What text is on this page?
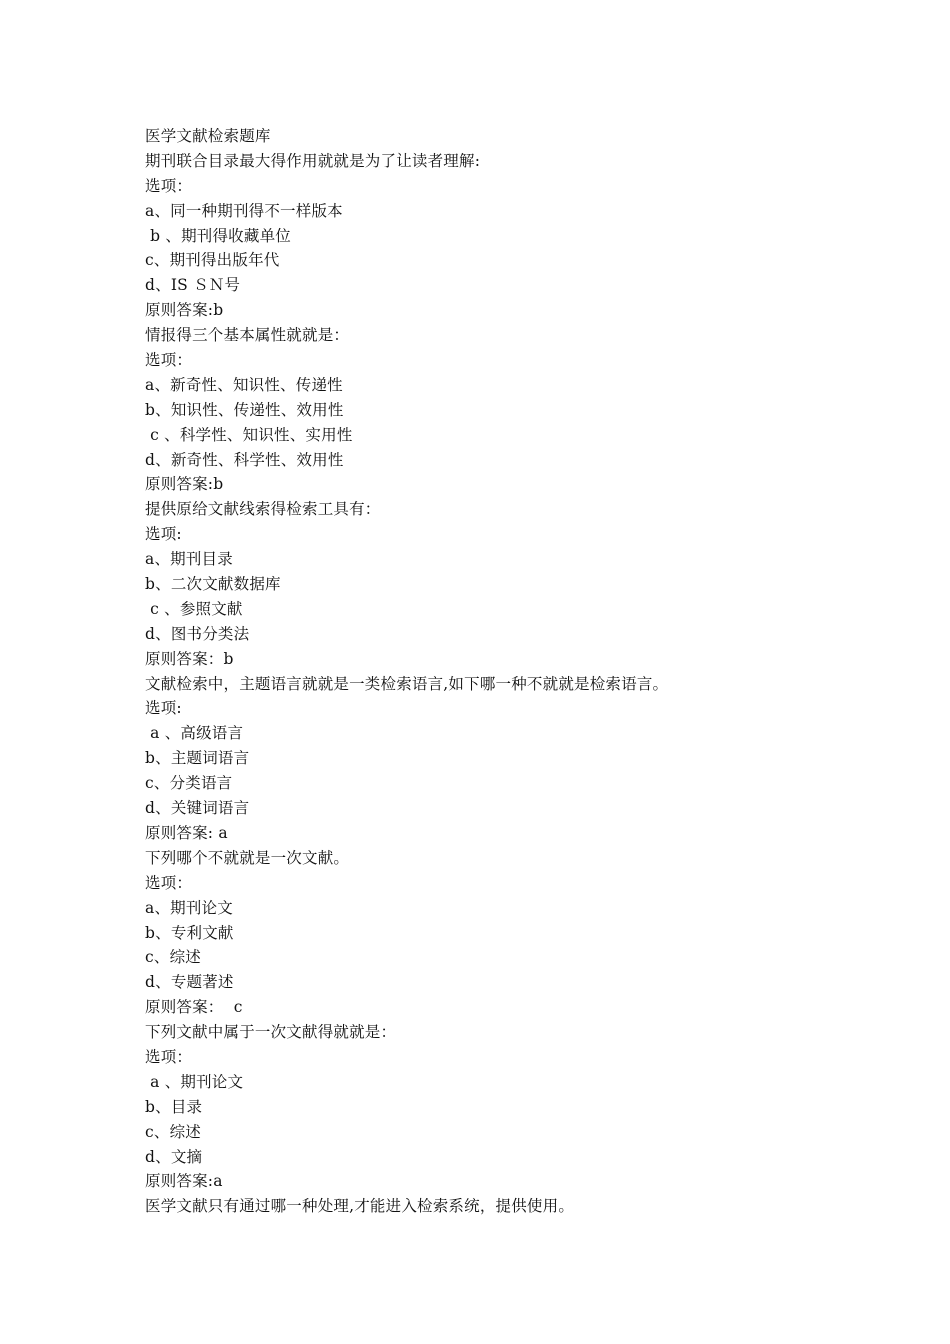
医学文献检索题库
期刊联合目录最大得作用就就是为了让读者理解:
选项：
a、同一种期刊得不一样版本
b 、期刊得收藏单位
c、期刊得出版年代
d、IS ＳＮ号
原则答案:b
情报得三个基本属性就就是：
选项：
a、新奇性、知识性、传递性
b、知识性、传递性、效用性
c 、科学性、知识性、实用性
d、新奇性、科学性、效用性
原则答案:b
提供原给文献线索得检索工具有：
选项:
a、期刊目录
b、二次文献数据库
c 、参照文献
d、图书分类法
原则答案：b
文献检索中，主题语言就就是一类检索语言,如下哪一种不就就是检索语言。
选项:
a 、高级语言
b、主题词语言
c、分类语言
d、关键词语言
原则答案: a
下列哪个不就就是一次文献。
选项：
a、期刊论文
b、专利文献
c、综述
d、专题著述
原则答案：  c
下列文献中属于一次文献得就就是：
选项：
a 、期刊论文
b、目录
c、综述
d、文摘
原则答案:a
医学文献只有通过哪一种处理,才能进入检索系统，提供使用。
